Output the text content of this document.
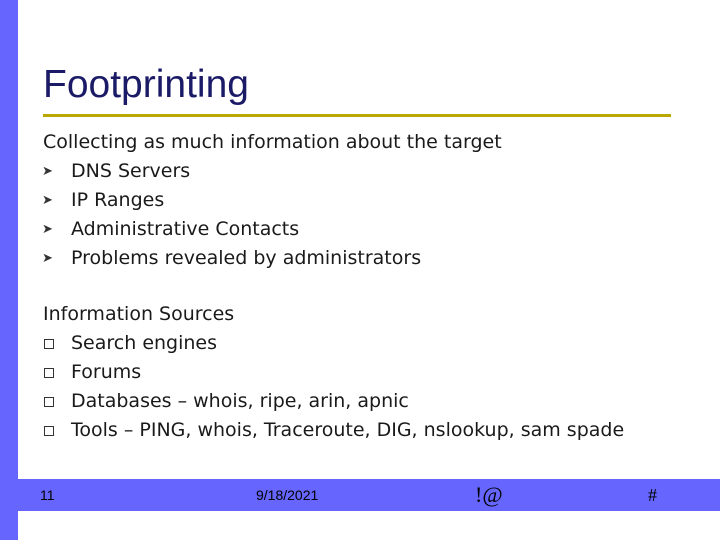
Footprinting
Collecting as much information about the target
➤ DNS Servers
➤ IP Ranges
➤ Administrative Contacts
➤ Problems revealed by administrators
Information Sources
Search engines
Forums
Databases – whois, ripe, arin, apnic
Tools – PING, whois, Traceroute, DIG, nslookup, sam spade
11	9/18/2021	!@	#
